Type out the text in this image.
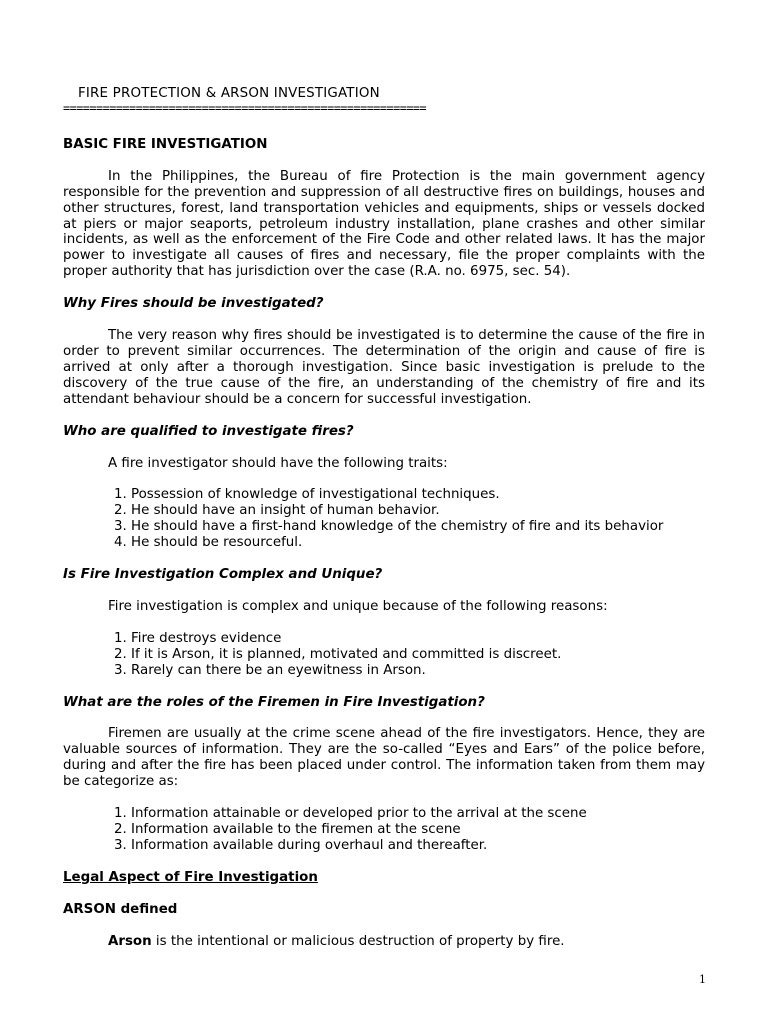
FIRE PROTECTION & ARSON INVESTIGATION
=======================================================
BASIC FIRE INVESTIGATION

In the Philippines, the Bureau of fire Protection is the main government agency responsible for the prevention and suppression of all destructive fires on buildings, houses and other structures, forest, land transportation vehicles and equipments, ships or vessels docked at piers or major seaports, petroleum industry installation, plane crashes and other similar incidents, as well as the enforcement of the Fire Code and other related laws. It has the major power to investigate all causes of fires and necessary, file the proper complaints with the proper authority that has jurisdiction over the case (R.A. no. 6975, sec. 54).

Why Fires should be investigated?

The very reason why fires should be investigated is to determine the cause of the fire in order to prevent similar occurrences. The determination of the origin and cause of fire is arrived at only after a thorough investigation. Since basic investigation is prelude to the discovery of the true cause of the fire, an understanding of the chemistry of fire and its attendant behaviour should be a concern for successful investigation.

Who are qualified to investigate fires?

A fire investigator should have the following traits:

1. Possession of knowledge of investigational techniques.
2. He should have an insight of human behavior.
3. He should have a first-hand knowledge of the chemistry of fire and its behavior
4. He should be resourceful.
Is Fire Investigation Complex and Unique?

Fire investigation is complex and unique because of the following reasons:

1. Fire destroys evidence
2. If it is Arson, it is planned, motivated and committed is discreet.
3. Rarely can there be an eyewitness in Arson.
What are the roles of the Firemen in Fire Investigation?

Firemen are usually at the crime scene ahead of the fire investigators. Hence, they are valuable sources of information. They are the so-called “Eyes and Ears” of the police before, during and after the fire has been placed under control. The information taken from them may be categorize as:

1. Information attainable or developed prior to the arrival at the scene
2. Information available to the firemen at the scene
3. Information available during overhaul and thereafter.
Legal Aspect of Fire Investigation
ARSON defined

Arson is the intentional or malicious destruction of property by fire.

1
